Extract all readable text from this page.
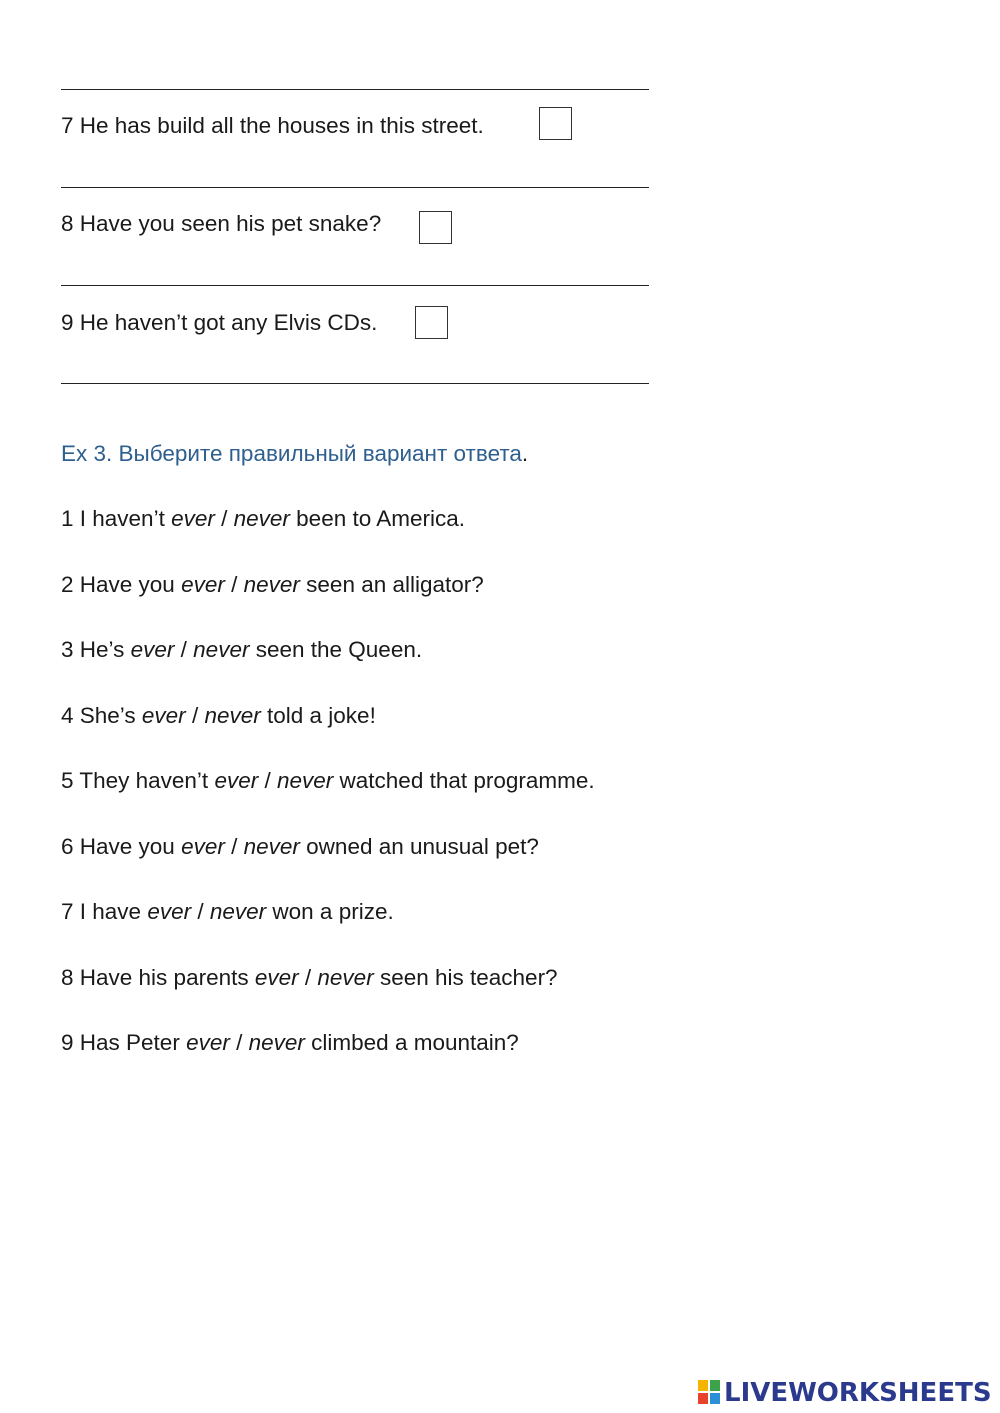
7 He has build all the houses in this street.
8 Have you seen his pet snake?
9 He haven’t got any Elvis CDs.
Ex 3. Выберите правильный вариант ответа.
1 I haven’t ever / never been to America.
2 Have you ever / never seen an alligator?
3 He’s ever / never seen the Queen.
4 She’s ever / never told a joke!
5 They haven’t ever / never watched that programme.
6 Have you ever / never owned an unusual pet?
7 I have ever / never won a prize.
8 Have his parents ever / never seen his teacher?
9 Has Peter ever / never climbed a mountain?
LIVEWORKSHEETS
